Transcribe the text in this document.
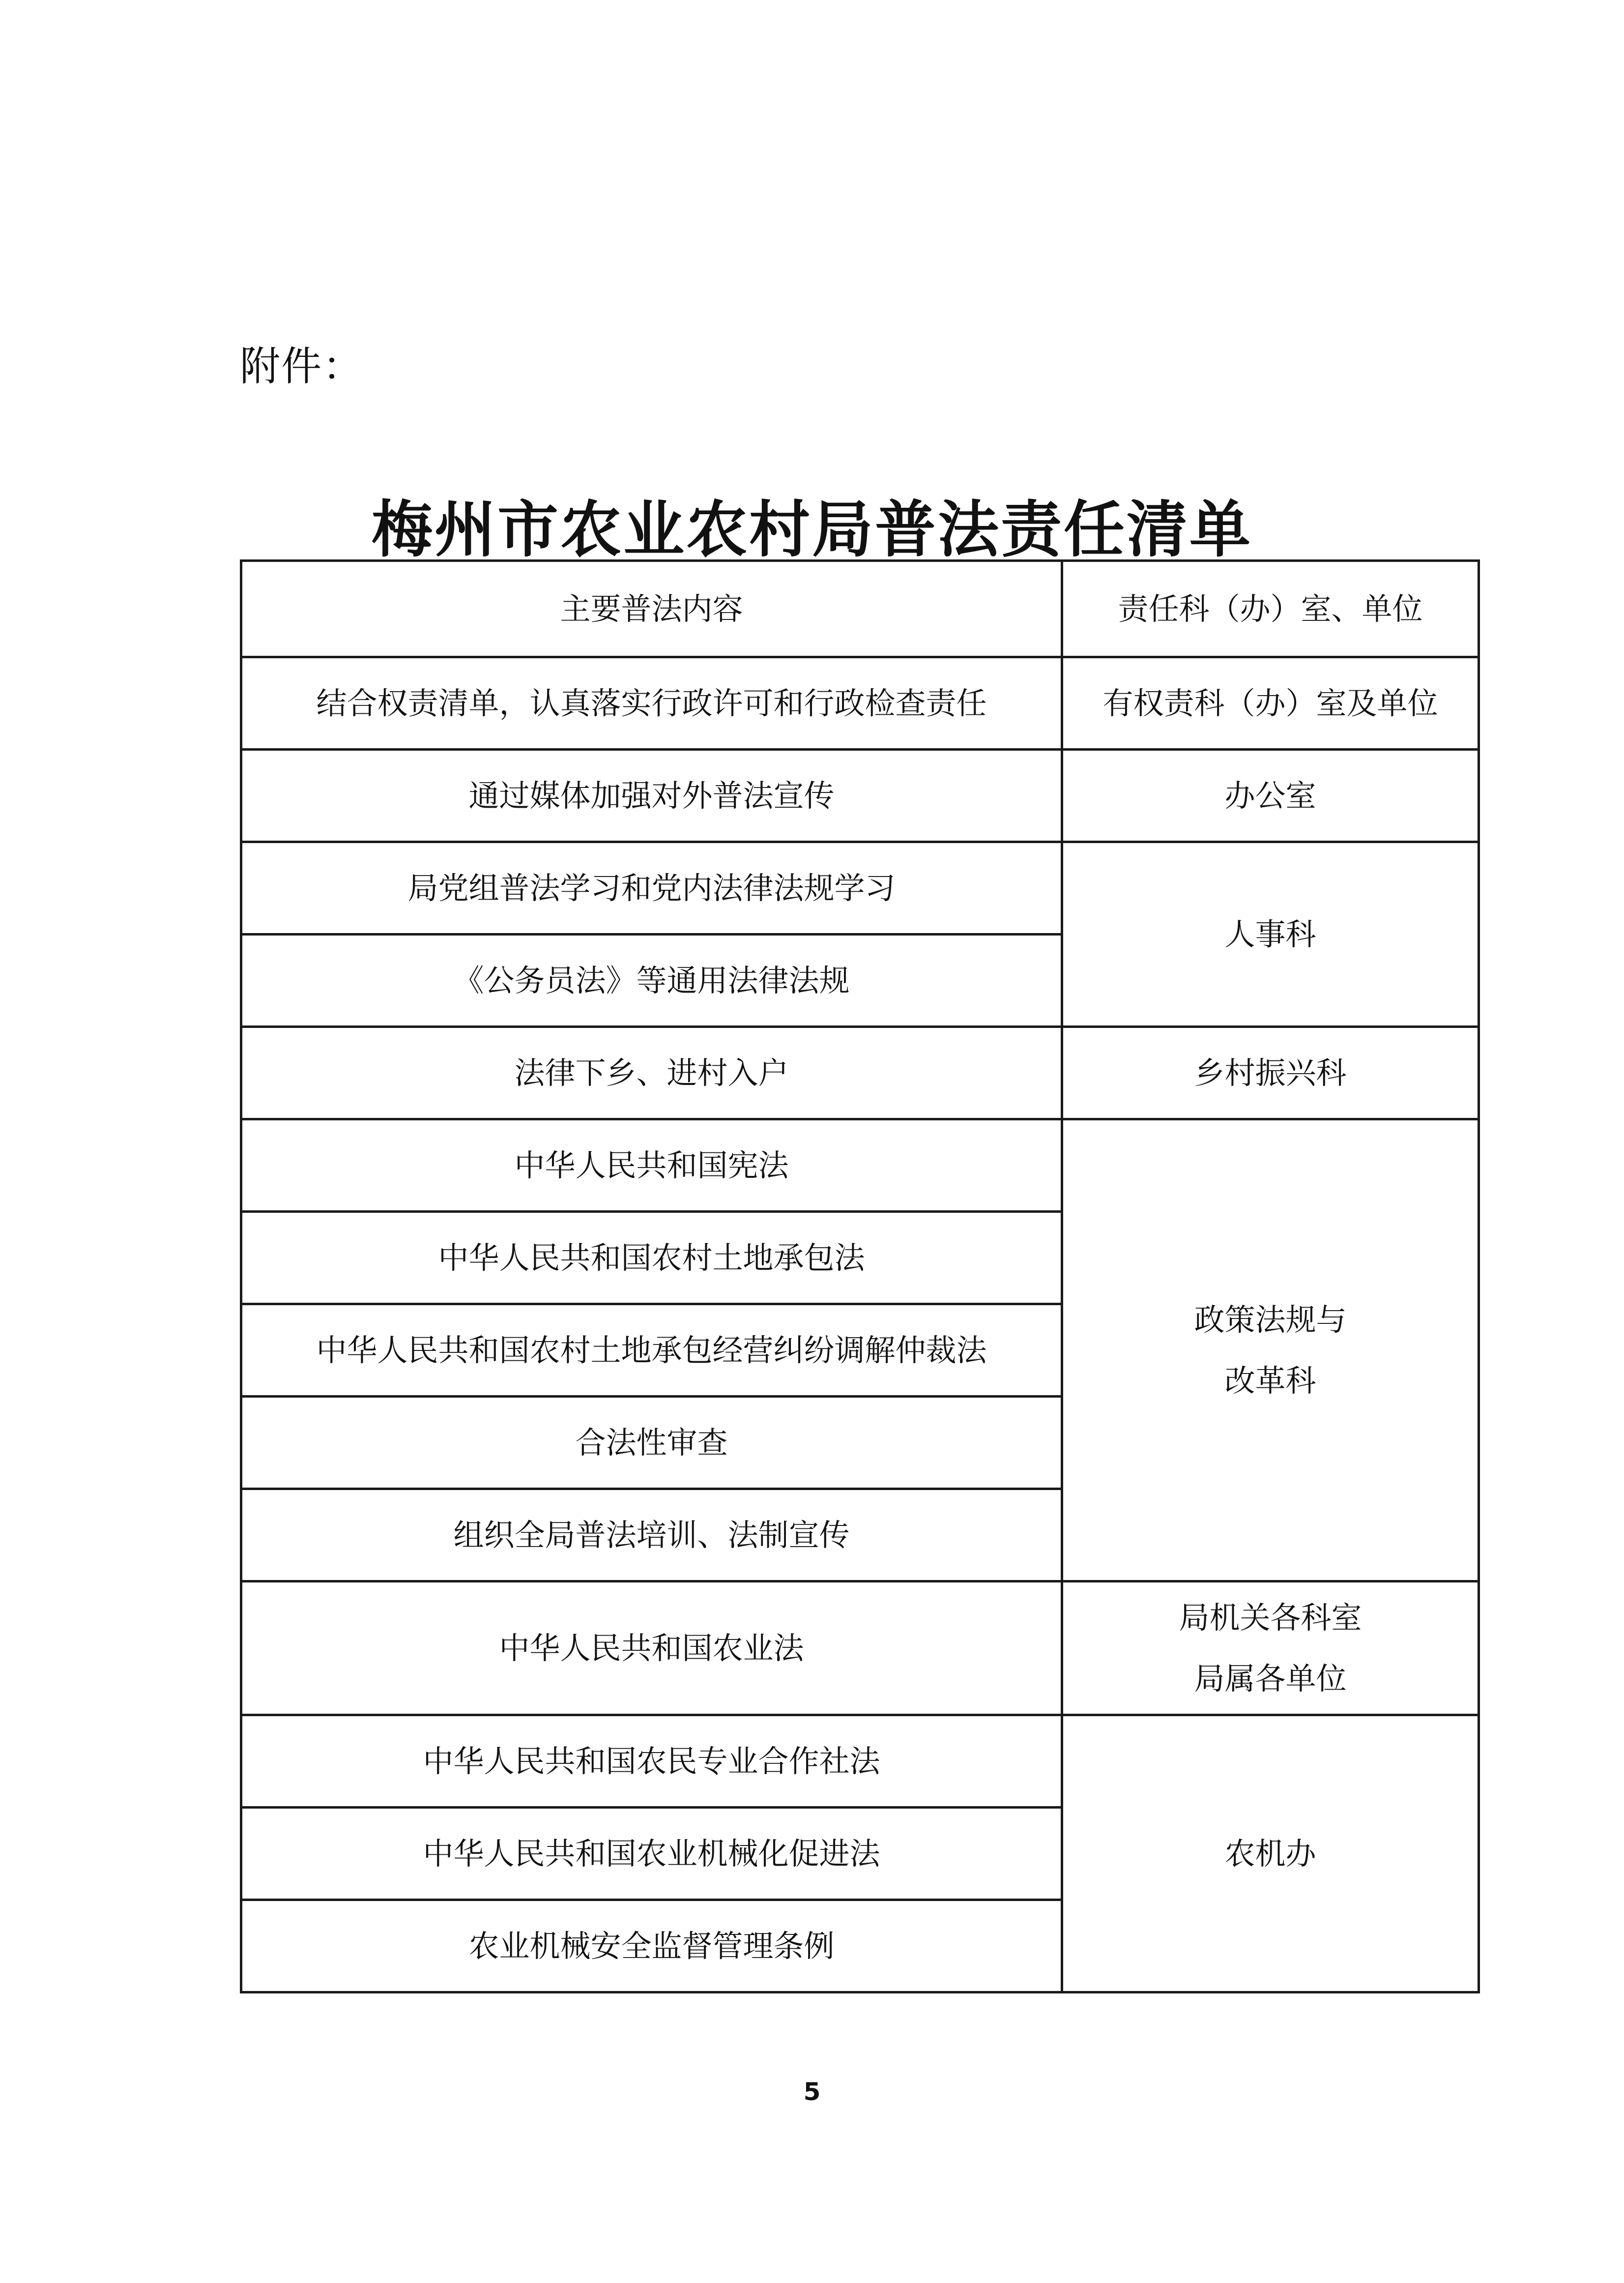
附件：
梅州市农业农村局普法责任清单
主要普法内容	责任科（办）室、单位
结合权责清单，认真落实行政许可和行政检查责任	有权责科（办）室及单位
通过媒体加强对外普法宣传	办公室
局党组普法学习和党内法律法规学习	人事科
《公务员法》等通用法律法规	
法律下乡、进村入户	乡村振兴科
中华人民共和国宪法	政策法规与
改革科

中华人民共和国农村土地承包法	
中华人民共和国农村土地承包经营纠纷调解仲裁法	
合法性审查	
组织全局普法培训、法制宣传	
中华人民共和国农业法	局机关各科室
局属各单位

中华人民共和国农民专业合作社法	农机办
中华人民共和国农业机械化促进法	
农业机械安全监督管理条例	
5
